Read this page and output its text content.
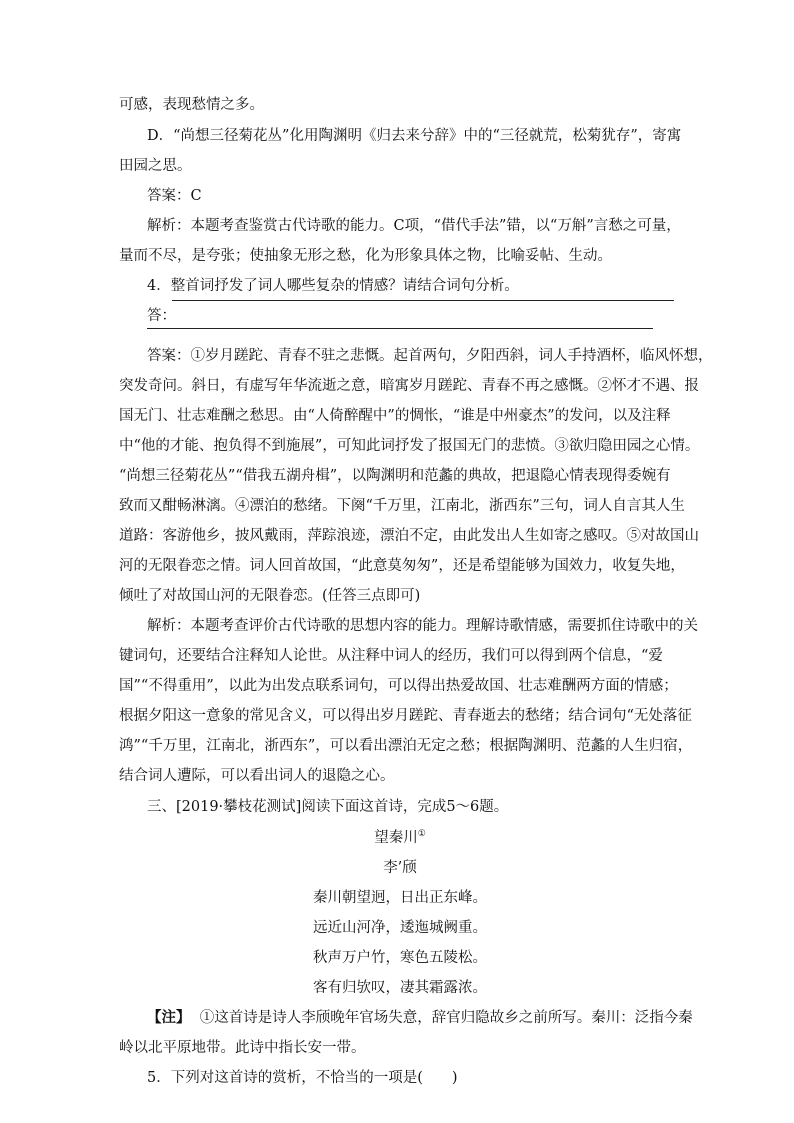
可感，表现愁情之多。
D．“尚想三径菊花丛”化用陶渊明《归去来兮辞》中的“三径就荒，松菊犹存”，寄寓
田园之思。
答案：C
解析：本题考查鉴赏古代诗歌的能力。C项，“借代手法”错，以“万斛”言愁之可量，
量而不尽，是夸张；使抽象无形之愁，化为形象具体之物，比喻妥帖、生动。
4．整首词抒发了词人哪些复杂的情感？请结合词句分析。
答：
答案：①岁月蹉跎、青春不驻之悲慨。起首两句，夕阳西斜，词人手持酒杯，临风怀想，
突发奇问。斜日，有虚写年华流逝之意，暗寓岁月蹉跎、青春不再之感慨。②怀才不遇、报
国无门、壮志难酬之愁思。由“人倚醉醒中”的惆怅，“谁是中州豪杰”的发问，以及注释
中“他的才能、抱负得不到施展”，可知此词抒发了报国无门的悲愤。③欲归隐田园之心情。
“尚想三径菊花丛”“借我五湖舟楫”，以陶渊明和范蠡的典故，把退隐心情表现得委婉有
致而又酣畅淋漓。④漂泊的愁绪。下阕“千万里，江南北，浙西东”三句，词人自言其人生
道路：客游他乡，披风戴雨，萍踪浪迹，漂泊不定，由此发出人生如寄之感叹。⑤对故国山
河的无限眷恋之情。词人回首故国，“此意莫匆匆”，还是希望能够为国效力，收复失地，
倾吐了对故国山河的无限眷恋。(任答三点即可)
解析：本题考查评价古代诗歌的思想内容的能力。理解诗歌情感，需要抓住诗歌中的关
键词句，还要结合注释知人论世。从注释中词人的经历，我们可以得到两个信息，“爱
国”“不得重用”，以此为出发点联系词句，可以得出热爱故国、壮志难酬两方面的情感；
根据夕阳这一意象的常见含义，可以得出岁月蹉跎、青春逝去的愁绪；结合词句“无处落征
鸿”“千万里，江南北，浙西东”，可以看出漂泊无定之愁；根据陶渊明、范蠡的人生归宿，
结合词人遭际，可以看出词人的退隐之心。
三、[2019·攀枝花测试]阅读下面这首诗，完成5～6题。
望秦川①
李’颀
秦川朝望迥，日出正东峰。
远近山河净，逶迤城阙重。
秋声万户竹，寒色五陵松。
客有归欤叹，凄其霜露浓。
【注】 ①这首诗是诗人李颀晚年官场失意，辞官归隐故乡之前所写。秦川：泛指今秦
岭以北平原地带。此诗中指长安一带。
5．下列对这首诗的赏析，不恰当的一项是(　　)
